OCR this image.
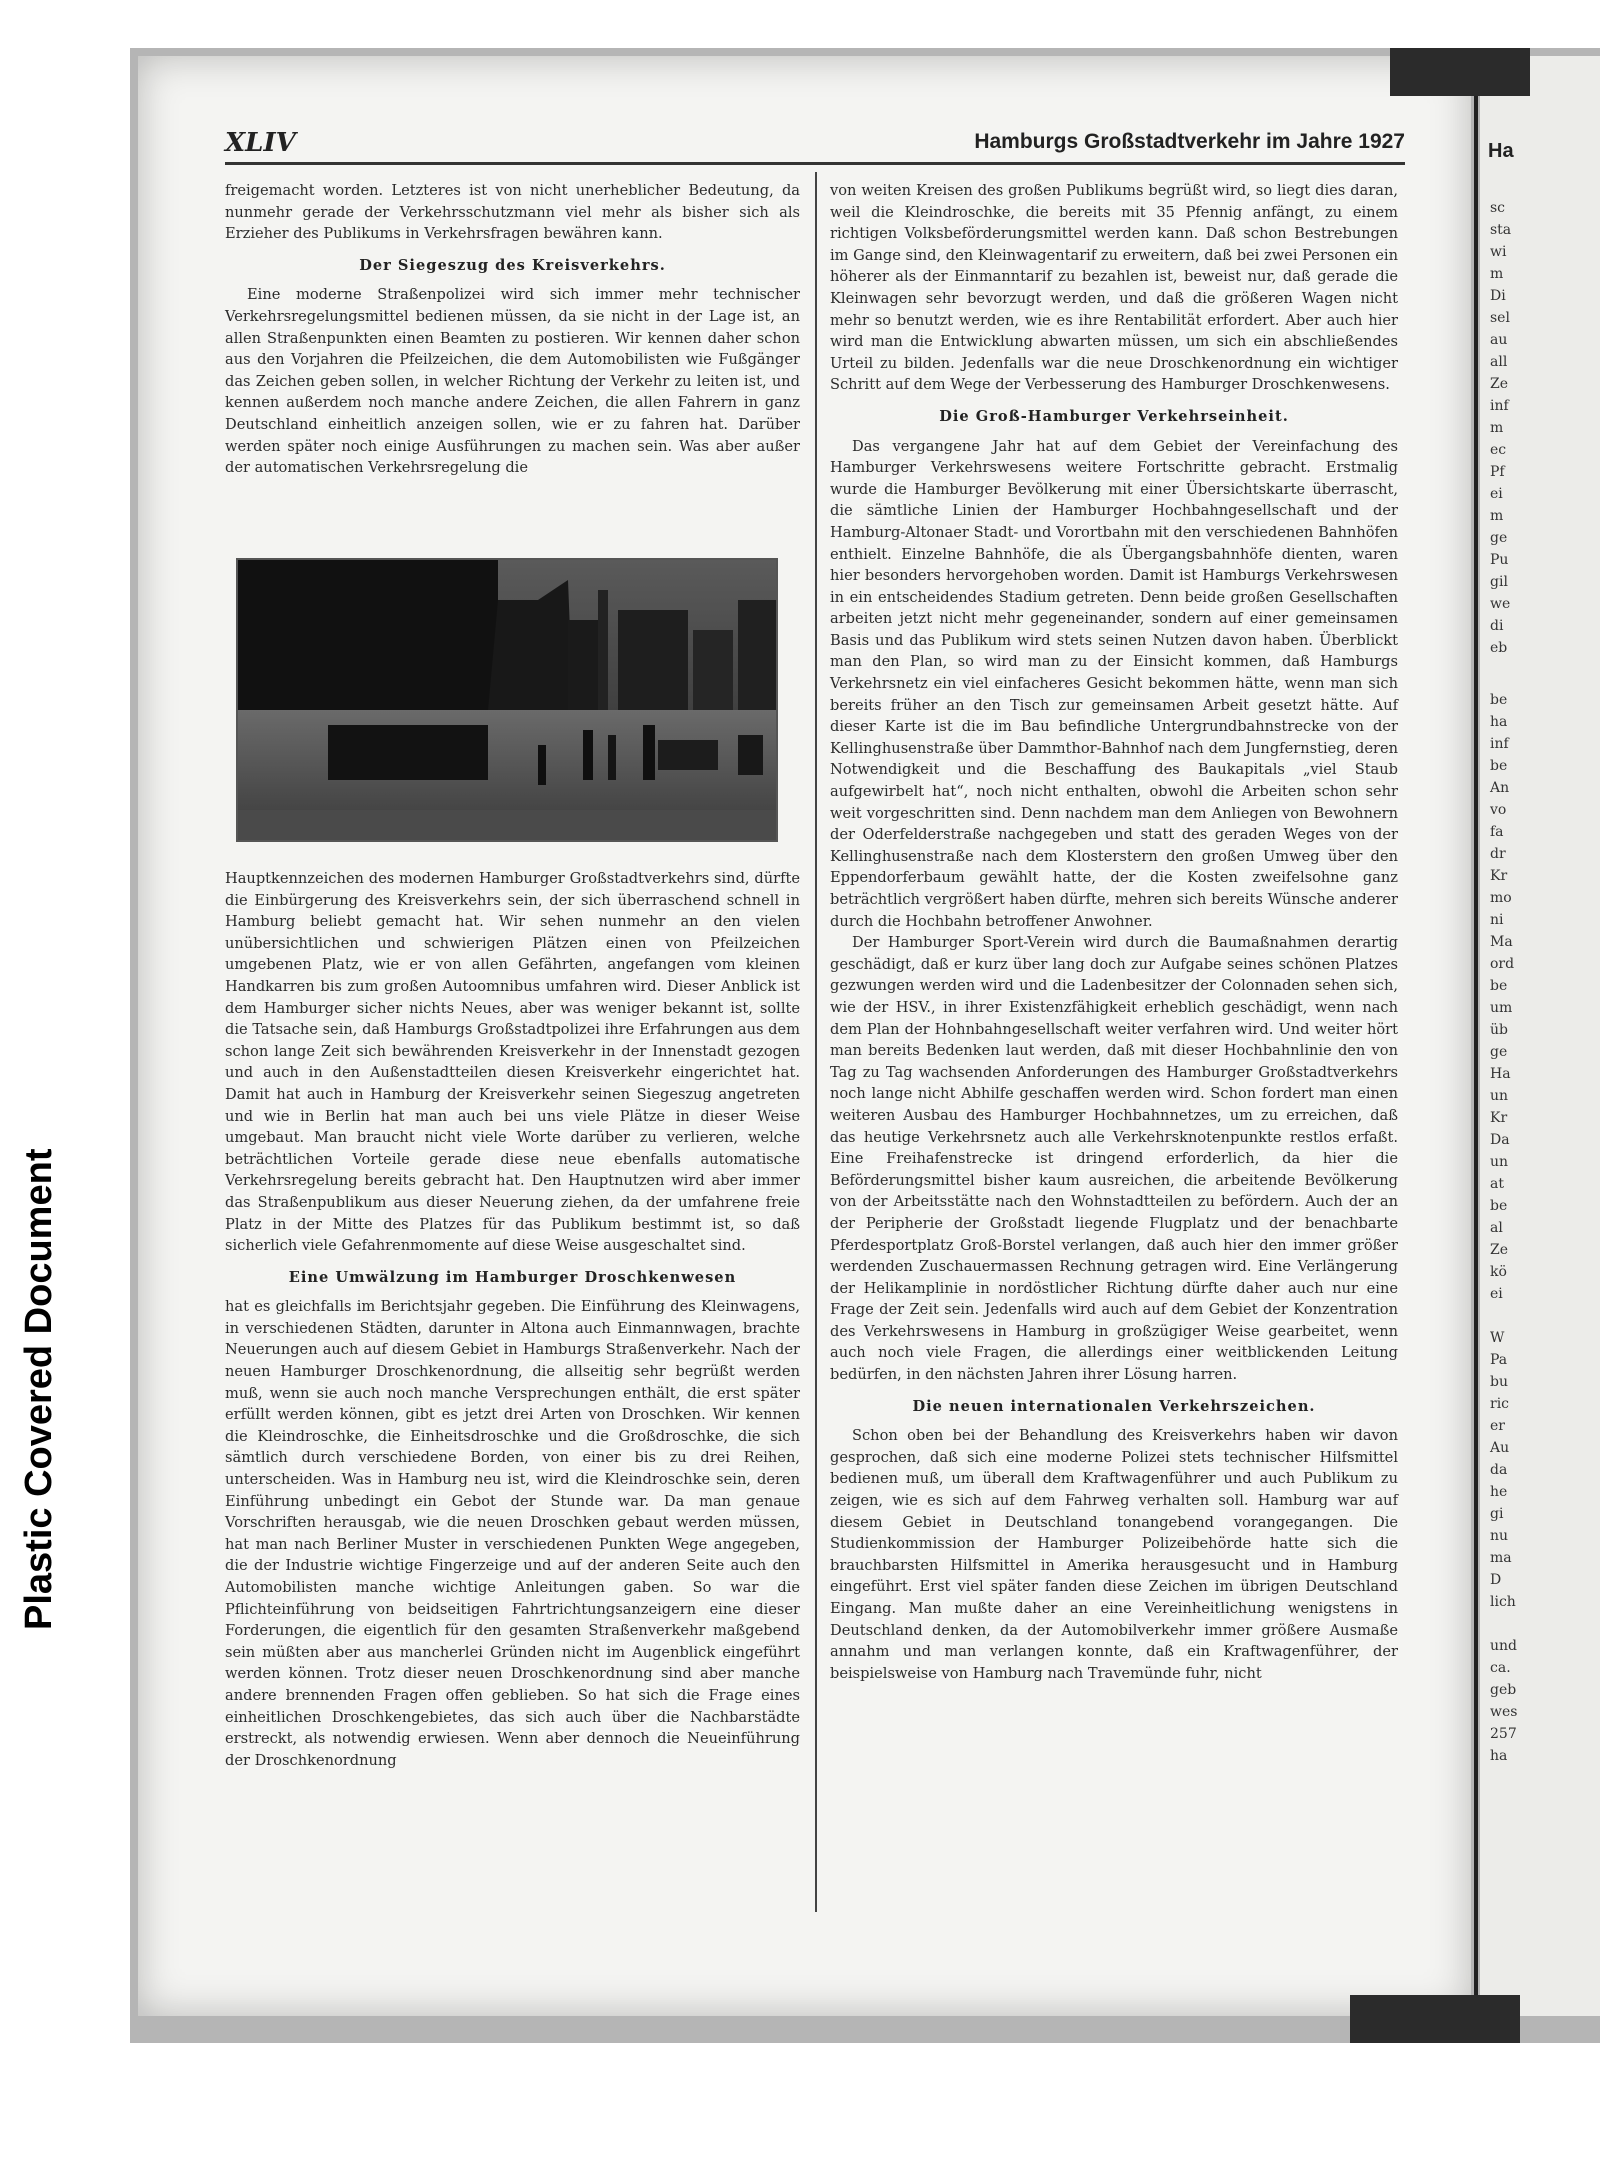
Plastic Covered Document
XLIV	Hamburgs Großstadtverkehr im Jahre 1927

freigemacht worden. Letzteres ist von nicht unerheblicher Bedeutung, da nunmehr gerade der Verkehrsschutzmann viel mehr als bisher sich als Erzieher des Publikums in Verkehrsfragen bewähren kann.

Der Siegeszug des Kreisverkehrs.

Eine moderne Straßenpolizei wird sich immer mehr technischer Verkehrsregelungsmittel bedienen müssen, da sie nicht in der Lage ist, an allen Straßenpunkten einen Beamten zu postieren. Wir kennen daher schon aus den Vorjahren die Pfeilzeichen, die dem Automobilisten wie Fußgänger das Zeichen geben sollen, in welcher Richtung der Verkehr zu leiten ist, und kennen außerdem noch manche andere Zeichen, die allen Fahrern in ganz Deutschland einheitlich anzeigen sollen, wie er zu fahren hat. Darüber werden später noch einige Ausführungen zu machen sein. Was aber außer der automatischen Verkehrsregelung die

Hauptkennzeichen des modernen Hamburger Großstadtverkehrs sind, dürfte die Einbürgerung des Kreisverkehrs sein, der sich überraschend schnell in Hamburg beliebt gemacht hat. Wir sehen nunmehr an den vielen unübersichtlichen und schwierigen Plätzen einen von Pfeilzeichen umgebenen Platz, wie er von allen Gefährten, angefangen vom kleinen Handkarren bis zum großen Autoomnibus umfahren wird. Dieser Anblick ist dem Hamburger sicher nichts Neues, aber was weniger bekannt ist, sollte die Tatsache sein, daß Hamburgs Großstadtpolizei ihre Erfahrungen aus dem schon lange Zeit sich bewährenden Kreisverkehr in der Innenstadt gezogen und auch in den Außenstadtteilen diesen Kreisverkehr eingerichtet hat. Damit hat auch in Hamburg der Kreisverkehr seinen Siegeszug angetreten und wie in Berlin hat man auch bei uns viele Plätze in dieser Weise umgebaut. Man braucht nicht viele Worte darüber zu verlieren, welche beträchtlichen Vorteile gerade diese neue ebenfalls automatische Verkehrsregelung bereits gebracht hat. Den Hauptnutzen wird aber immer das Straßenpublikum aus dieser Neuerung ziehen, da der umfahrene freie Platz in der Mitte des Platzes für das Publikum bestimmt ist, so daß sicherlich viele Gefahrenmomente auf diese Weise ausgeschaltet sind.

Eine Umwälzung im Hamburger Droschkenwesen

hat es gleichfalls im Berichtsjahr gegeben. Die Einführung des Kleinwagens, in verschiedenen Städten, darunter in Altona auch Einmannwagen, brachte Neuerungen auch auf diesem Gebiet in Hamburgs Straßenverkehr. Nach der neuen Hamburger Droschkenordnung, die allseitig sehr begrüßt werden muß, wenn sie auch noch manche Versprechungen enthält, die erst später erfüllt werden können, gibt es jetzt drei Arten von Droschken. Wir kennen die Kleindroschke, die Einheitsdroschke und die Großdroschke, die sich sämtlich durch verschiedene Borden, von einer bis zu drei Reihen, unterscheiden. Was in Hamburg neu ist, wird die Kleindroschke sein, deren Einführung unbedingt ein Gebot der Stunde war. Da man genaue Vorschriften herausgab, wie die neuen Droschken gebaut werden müssen, hat man nach Berliner Muster in verschiedenen Punkten Wege angegeben, die der Industrie wichtige Fingerzeige und auf der anderen Seite auch den Automobilisten manche wichtige Anleitungen gaben. So war die Pflichteinführung von beidseitigen Fahrtrichtungsanzeigern eine dieser Forderungen, die eigentlich für den gesamten Straßenverkehr maßgebend sein müßten aber aus mancherlei Gründen nicht im Augenblick eingeführt werden können. Trotz dieser neuen Droschkenordnung sind aber manche andere brennenden Fragen offen geblieben. So hat sich die Frage eines einheitlichen Droschkengebietes, das sich auch über die Nachbarstädte erstreckt, als notwendig erwiesen. Wenn aber dennoch die Neueinführung der Droschkenordnung

von weiten Kreisen des großen Publikums begrüßt wird, so liegt dies daran, weil die Kleindroschke, die bereits mit 35 Pfennig anfängt, zu einem richtigen Volksbeförderungsmittel werden kann. Daß schon Bestrebungen im Gange sind, den Kleinwagentarif zu erweitern, daß bei zwei Personen ein höherer als der Einmanntarif zu bezahlen ist, beweist nur, daß gerade die Kleinwagen sehr bevorzugt werden, und daß die größeren Wagen nicht mehr so benutzt werden, wie es ihre Rentabilität erfordert. Aber auch hier wird man die Entwicklung abwarten müssen, um sich ein abschließendes Urteil zu bilden. Jedenfalls war die neue Droschkenordnung ein wichtiger Schritt auf dem Wege der Verbesserung des Hamburger Droschkenwesens.

Die Groß-Hamburger Verkehrseinheit.

Das vergangene Jahr hat auf dem Gebiet der Vereinfachung des Hamburger Verkehrswesens weitere Fortschritte gebracht. Erstmalig wurde die Hamburger Bevölkerung mit einer Übersichtskarte überrascht, die sämtliche Linien der Hamburger Hochbahngesellschaft und der Hamburg-Altonaer Stadt- und Vorortbahn mit den verschiedenen Bahnhöfen enthielt. Einzelne Bahnhöfe, die als Übergangsbahnhöfe dienten, waren hier besonders hervorgehoben worden. Damit ist Hamburgs Verkehrswesen in ein entscheidendes Stadium getreten. Denn beide großen Gesellschaften arbeiten jetzt nicht mehr gegeneinander, sondern auf einer gemeinsamen Basis und das Publikum wird stets seinen Nutzen davon haben. Überblickt man den Plan, so wird man zu der Einsicht kommen, daß Hamburgs Verkehrsnetz ein viel einfacheres Gesicht bekommen hätte, wenn man sich bereits früher an den Tisch zur gemeinsamen Arbeit gesetzt hätte. Auf dieser Karte ist die im Bau befindliche Untergrundbahnstrecke von der Kellinghusenstraße über Dammthor-Bahnhof nach dem Jungfernstieg, deren Notwendigkeit und die Beschaffung des Baukapitals „viel Staub aufgewirbelt hat“, noch nicht enthalten, obwohl die Arbeiten schon sehr weit vorgeschritten sind. Denn nachdem man dem Anliegen von Bewohnern der Oderfelderstraße nachgegeben und statt des geraden Weges von der Kellinghusenstraße nach dem Klosterstern den großen Umweg über den Eppendorferbaum gewählt hatte, der die Kosten zweifelsohne ganz beträchtlich vergrößert haben dürfte, mehren sich bereits Wünsche anderer durch die Hochbahn betroffener Anwohner.

Der Hamburger Sport-Verein wird durch die Baumaßnahmen derartig geschädigt, daß er kurz über lang doch zur Aufgabe seines schönen Platzes gezwungen werden wird und die Ladenbesitzer der Colonnaden sehen sich, wie der HSV., in ihrer Existenzfähigkeit erheblich geschädigt, wenn nach dem Plan der Hohnbahngesellschaft weiter verfahren wird. Und weiter hört man bereits Bedenken laut werden, daß mit dieser Hochbahnlinie den von Tag zu Tag wachsenden Anforderungen des Hamburger Großstadtverkehrs noch lange nicht Abhilfe geschaffen werden wird. Schon fordert man einen weiteren Ausbau des Hamburger Hochbahnnetzes, um zu erreichen, daß das heutige Verkehrsnetz auch alle Verkehrsknotenpunkte restlos erfaßt. Eine Freihafenstrecke ist dringend erforderlich, da hier die Beförderungsmittel bisher kaum ausreichen, die arbeitende Bevölkerung von der Arbeitsstätte nach den Wohnstadtteilen zu befördern. Auch der an der Peripherie der Großstadt liegende Flugplatz und der benachbarte Pferdesportplatz Groß-Borstel verlangen, daß auch hier den immer größer werdenden Zuschauermassen Rechnung getragen wird. Eine Verlängerung der Helikamplinie in nordöstlicher Richtung dürfte daher auch nur eine Frage der Zeit sein. Jedenfalls wird auch auf dem Gebiet der Konzentration des Verkehrswesens in Hamburg in großzügiger Weise gearbeitet, wenn auch noch viele Fragen, die allerdings einer weitblickenden Leitung bedürfen, in den nächsten Jahren ihrer Lösung harren.

Die neuen internationalen Verkehrszeichen.

Schon oben bei der Behandlung des Kreisverkehrs haben wir davon gesprochen, daß sich eine moderne Polizei stets technischer Hilfsmittel bedienen muß, um überall dem Kraftwagenführer und auch Publikum zu zeigen, wie es sich auf dem Fahrweg verhalten soll. Hamburg war auf diesem Gebiet in Deutschland tonangebend vorangegangen. Die Studienkommission der Hamburger Polizeibehörde hatte sich die brauchbarsten Hilfsmittel in Amerika herausgesucht und in Hamburg eingeführt. Erst viel später fanden diese Zeichen im übrigen Deutschland Eingang. Man mußte daher an eine Vereinheitlichung wenigstens in Deutschland denken, da der Automobilverkehr immer größere Ausmaße annahm und man verlangen konnte, daß ein Kraftwagenführer, der beispielsweise von Hamburg nach Travemünde fuhr, nicht

Ha
sc
sta
wi
m
Di
sel
au
all
Ze
inf
m
ec
Pf
ei
m
ge
Pu
gil
we
di
eb
be
ha
inf
be
An
vo
fa
dr
Kr
mo
ni
Ma
ord
be
um
üb
ge
Ha
un
Kr
Da
un
at
be
al
Ze
kö
ei
W
Pa
bu
ric
er
Au
da
he
gi
nu
ma
D
lich
und
ca.
geb
wes
257
ha
